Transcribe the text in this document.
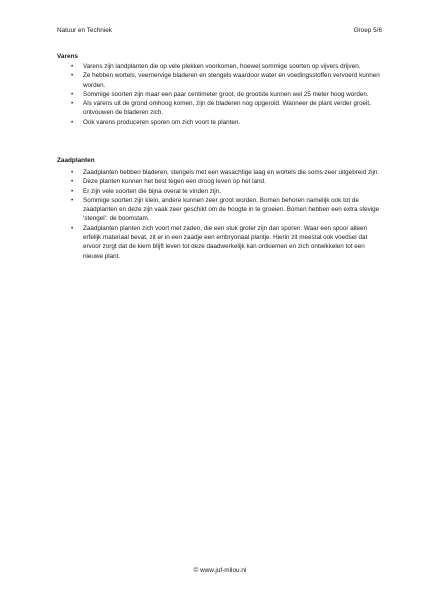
Natuur en Techniek	Groep 5/6
Varens
• Varens zijn landplanten die op vele plekken voorkomen, hoewel sommige soorten op vijvers drijven.
• Ze hebben wortels, veernervige bladeren en stengels waardoor water en voedingsstoffen vervoerd kunnen worden.
• Sommige soorten zijn maar een paar centimeter groot, de grootste kunnen wel 25 meter hoog worden.
• Als varens uit de grond omhoog komen, zijn de bladeren nog opgerold. Wanneer de plant verder groeit, ontvouwen de bladeren zich.
• Ook varens produceren sporen om zich voort te planten.
Zaadplanten
• Zaadplanten hebben bladeren, stengels met een wasachtige laag en wortels die soms zeer uitgebreid zijn.
• Deze planten kunnen het best tegen een droog leven op het land.
• Er zijn vele soorten die bijna overal te vinden zijn.
• Sommige soorten zijn klein, andere kunnen zeer groot worden. Bomen behoren namelijk ook tot de zaadplanten en deze zijn vaak zeer geschikt om de hoogte in te groeien. Bomen hebben een extra stevige ‘stengel’: de boomstam.
• Zaadplanten planten zich voort met zaden, die een stuk groter zijn dan sporen. Waar een spoor alleen erfelijk materiaal bevat, zit er in een zaadje een embryonaal plantje. Hierin zit meestal ook voedsel dat ervoor zorgt dat de kiem blijft leven tot deze daadwerkelijk kan ontkiemen en zich ontwikkelen tot een nieuwe plant.
© www.juf-milou.nl
